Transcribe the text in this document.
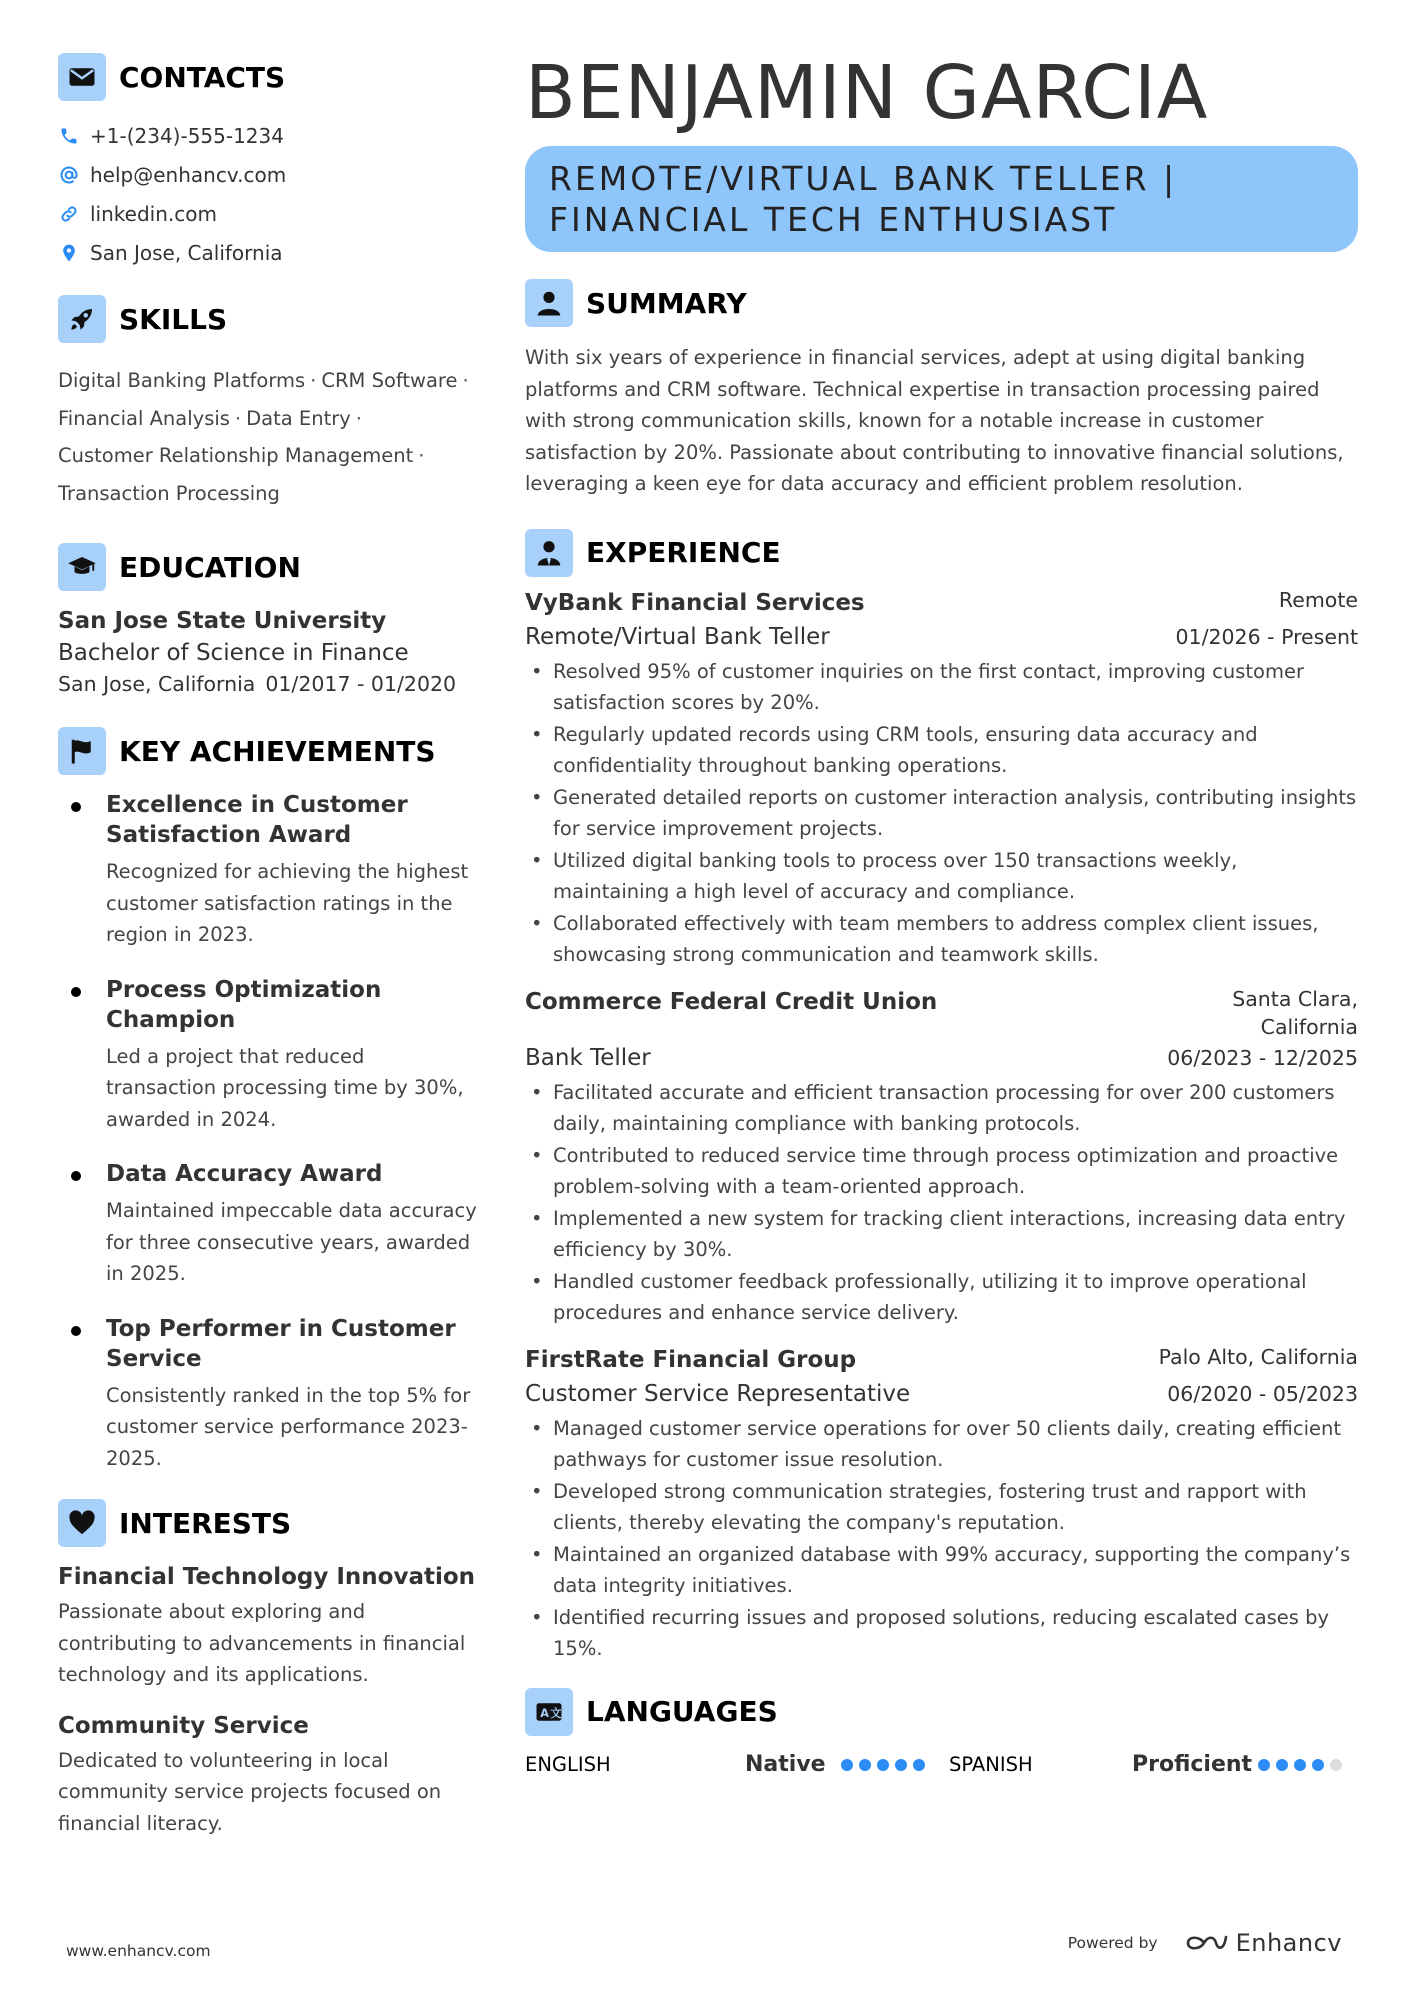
CONTACTS
+1-(234)-555-1234
help@enhancv.com
linkedin.com
San Jose, California
SKILLS
Digital Banking Platforms · CRM Software ·
Financial Analysis · Data Entry ·
Customer Relationship Management ·
Transaction Processing
EDUCATION
San Jose State University
Bachelor of Science in Finance
San Jose, California 01/2017 - 01/2020
KEY ACHIEVEMENTS
Excellence in Customer Satisfaction Award
Recognized for achieving the highest customer satisfaction ratings in the region in 2023.
Process Optimization Champion
Led a project that reduced transaction processing time by 30%, awarded in 2024.
Data Accuracy Award
Maintained impeccable data accuracy for three consecutive years, awarded in 2025.
Top Performer in Customer Service
Consistently ranked in the top 5% for customer service performance 2023-2025.
INTERESTS
Financial Technology Innovation
Passionate about exploring and contributing to advancements in financial technology and its applications.
Community Service
Dedicated to volunteering in local community service projects focused on financial literacy.
BENJAMIN GARCIA
REMOTE/VIRTUAL BANK TELLER |
FINANCIAL TECH ENTHUSIAST
SUMMARY
With six years of experience in financial services, adept at using digital banking platforms and CRM software. Technical expertise in transaction processing paired with strong communication skills, known for a notable increase in customer satisfaction by 20%. Passionate about contributing to innovative financial solutions, leveraging a keen eye for data accuracy and efficient problem resolution.
EXPERIENCE
VyBank Financial Services	Remote
Remote/Virtual Bank Teller	01/2026 - Present
• Resolved 95% of customer inquiries on the first contact, improving customer satisfaction scores by 20%.
• Regularly updated records using CRM tools, ensuring data accuracy and confidentiality throughout banking operations.
• Generated detailed reports on customer interaction analysis, contributing insights for service improvement projects.
• Utilized digital banking tools to process over 150 transactions weekly, maintaining a high level of accuracy and compliance.
• Collaborated effectively with team members to address complex client issues, showcasing strong communication and teamwork skills.
Commerce Federal Credit Union	Santa Clara,
California
Bank Teller	06/2023 - 12/2025
• Facilitated accurate and efficient transaction processing for over 200 customers daily, maintaining compliance with banking protocols.
• Contributed to reduced service time through process optimization and proactive problem-solving with a team-oriented approach.
• Implemented a new system for tracking client interactions, increasing data entry efficiency by 30%.
• Handled customer feedback professionally, utilizing it to improve operational procedures and enhance service delivery.
FirstRate Financial Group	Palo Alto, California
Customer Service Representative	06/2020 - 05/2023
• Managed customer service operations for over 50 clients daily, creating efficient pathways for customer issue resolution.
• Developed strong communication strategies, fostering trust and rapport with clients, thereby elevating the company's reputation.
• Maintained an organized database with 99% accuracy, supporting the company’s data integrity initiatives.
• Identified recurring issues and proposed solutions, reducing escalated cases by 15%.
A 文 LANGUAGES
ENGLISH	Native	SPANISH	Proficient
www.enhancv.com	Powered by	Enhancv
